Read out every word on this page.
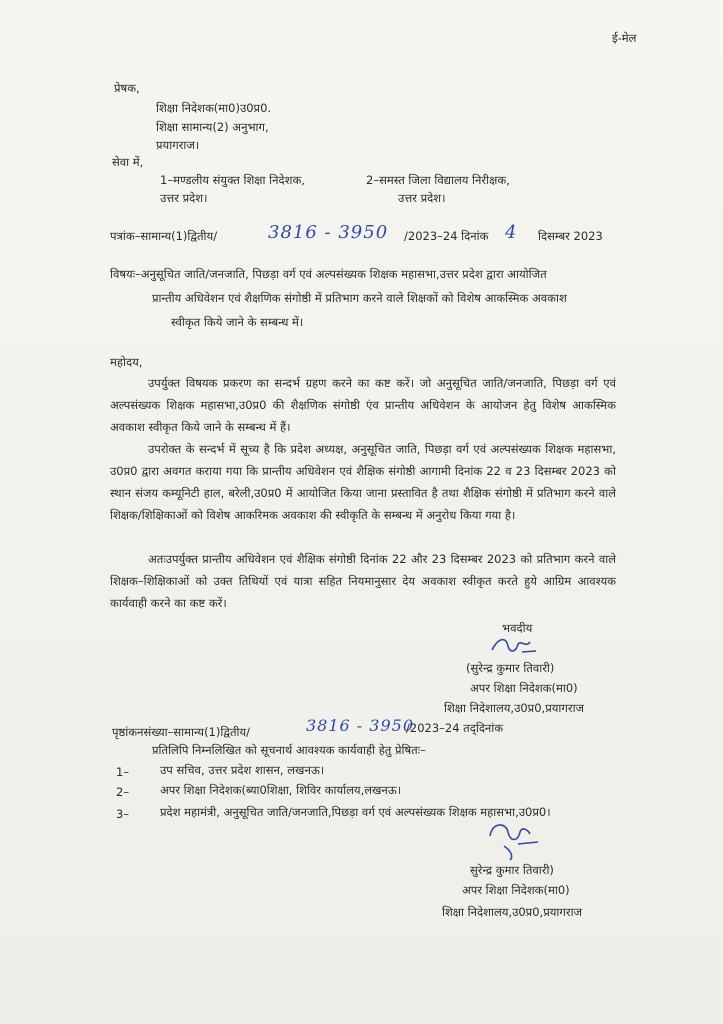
ई-मेल
प्रेषक,
शिक्षा निदेशक(मा0)उ0प्र0.
शिक्षा सामान्य(2) अनुभाग,
प्रयागराज।
सेवा में,
1–मण्डलीय संयुक्त शिक्षा निदेशक,
उत्तर प्रदेश।
2–समस्त जिला विद्यालय निरीक्षक,
उत्तर प्रदेश।
पत्रांक–सामान्य(1)द्वितीय/	3816 - 3950 /2023–24 दिनांक 4 दिसम्बर 2023
विषयः–अनुसूचित जाति/जनजाति, पिछड़ा वर्ग एवं अल्पसंख्यक शिक्षक महासभा,उत्तर प्रदेश द्वारा आयोजित
प्रान्तीय अधिवेशन एवं शैक्षणिक संगोष्ठी में प्रतिभाग करने वाले शिक्षकों को विशेष आकस्मिक अवकाश
स्वीकृत किये जाने के सम्बन्ध में।
महोदय,
उपर्युक्त विषयक प्रकरण का सन्दर्भ ग्रहण करने का कष्ट करें। जो अनुसूचित जाति/जनजाति, पिछड़ा वर्ग एवं अल्पसंख्यक शिक्षक महासभा,उ0प्र0 की शैक्षणिक संगोष्ठी एंव प्रान्तीय अधिवेशन के आयोजन हेतु विशेष आकस्मिक अवकाश स्वीकृत किये जाने के सम्बन्ध में हैं।
उपरोक्त के सन्दर्भ में सूच्य है कि प्रदेश अध्यक्ष, अनुसूचित जाति, पिछड़ा वर्ग एवं अल्पसंख्यक शिक्षक महासभा, उ0प्र0 द्वारा अवगत कराया गया कि प्रान्तीय अधिवेशन एवं शैक्षिक संगोष्ठी आगामी दिनांक 22 व 23 दिसम्बर 2023 को स्थान संजय कम्यूनिटी हाल, बरेली,उ0प्र0 में आयोजित किया जाना प्रस्तावित है तथा शैक्षिक संगोष्ठी में प्रतिभाग करने वाले शिक्षक/शिक्षिकाओं को विशेष आकरिमक अवकाश की स्वीकृति के सम्बन्ध में अनुरोध किया गया है।
अतःउपर्युक्त प्रान्तीय अधिवेशन एवं शैक्षिक संगोष्ठी दिनांक 22 और 23 दिसम्बर 2023 को प्रतिभाग करने वाले शिक्षक–शिक्षिकाओं को उक्त तिथियों एवं यात्रा सहित नियमानुसार देय अवकाश स्वीकृत करते हुये आग्रिम आवश्यक कार्यवाही करने का कष्ट करें।
भवदीय
(सुरेन्द्र कुमार तिवारी)
अपर शिक्षा निदेशक(मा0)
शिक्षा निदेशालय,उ0प्र0,प्रयागराज
पृष्ठांकनसंख्या–सामान्य(1)द्वितीय/	3816 - 3950
/2023–24 तद्‌दिनांक
प्रतिलिपि निम्नलिखित को सूचनार्थ आवश्यक कार्यवाही हेतु प्रेषितः–
1–	उप सचिव, उत्तर प्रदेश शासन, लखनऊ।
2–	अपर शिक्षा निदेशक(ब्या0शिक्षा, शिविर कार्यालय,लखनऊ।
3–	प्रदेश महामंत्री, अनुसूचित जाति/जनजाति,पिछड़ा वर्ग एवं अल्पसंख्यक शिक्षक महासभा,उ0प्र0।
सुरेन्द्र कुमार तिवारी)
अपर शिक्षा निदेशक(मा0)
शिक्षा निदेशालय,उ0प्र0,प्रयागराज
